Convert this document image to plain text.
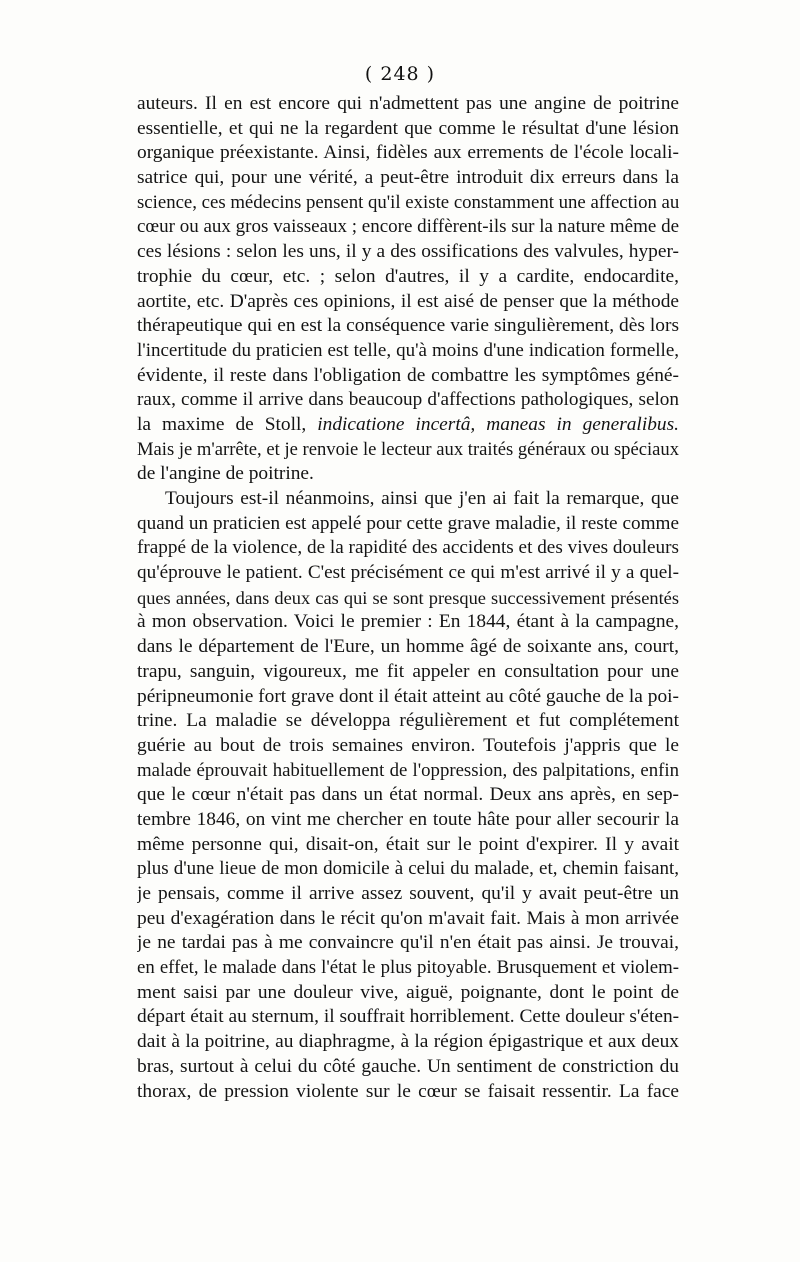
( 248 )
auteurs. Il en est encore qui n'admettent pas une angine de poitrine
essentielle, et qui ne la regardent que comme le résultat d'une lésion
organique préexistante. Ainsi, fidèles aux errements de l'école locali-
satrice qui, pour une vérité, a peut-être introduit dix erreurs dans la
science, ces médecins pensent qu'il existe constamment une affection au
cœur ou aux gros vaisseaux ; encore diffèrent-ils sur la nature même de
ces lésions : selon les uns, il y a des ossifications des valvules, hyper-
trophie du cœur, etc. ; selon d'autres, il y a cardite, endocardite,
aortite, etc. D'après ces opinions, il est aisé de penser que la méthode
thérapeutique qui en est la conséquence varie singulièrement, dès lors
l'incertitude du praticien est telle, qu'à moins d'une indication formelle,
évidente, il reste dans l'obligation de combattre les symptômes géné-
raux, comme il arrive dans beaucoup d'affections pathologiques, selon
la maxime de Stoll, indicatione incertâ, maneas in generalibus.
Mais je m'arrête, et je renvoie le lecteur aux traités généraux ou spéciaux
de l'angine de poitrine.
Toujours est-il néanmoins, ainsi que j'en ai fait la remarque, que
quand un praticien est appelé pour cette grave maladie, il reste comme
frappé de la violence, de la rapidité des accidents et des vives douleurs
qu'éprouve le patient. C'est précisément ce qui m'est arrivé il y a quel-
ques années, dans deux cas qui se sont presque successivement présentés
à mon observation. Voici le premier : En 1844, étant à la campagne,
dans le département de l'Eure, un homme âgé de soixante ans, court,
trapu, sanguin, vigoureux, me fit appeler en consultation pour une
péripneumonie fort grave dont il était atteint au côté gauche de la poi-
trine. La maladie se développa régulièrement et fut complétement
guérie au bout de trois semaines environ. Toutefois j'appris que le
malade éprouvait habituellement de l'oppression, des palpitations, enfin
que le cœur n'était pas dans un état normal. Deux ans après, en sep-
tembre 1846, on vint me chercher en toute hâte pour aller secourir la
même personne qui, disait-on, était sur le point d'expirer. Il y avait
plus d'une lieue de mon domicile à celui du malade, et, chemin faisant,
je pensais, comme il arrive assez souvent, qu'il y avait peut-être un
peu d'exagération dans le récit qu'on m'avait fait. Mais à mon arrivée
je ne tardai pas à me convaincre qu'il n'en était pas ainsi. Je trouvai,
en effet, le malade dans l'état le plus pitoyable. Brusquement et violem-
ment saisi par une douleur vive, aiguë, poignante, dont le point de
départ était au sternum, il souffrait horriblement. Cette douleur s'éten-
dait à la poitrine, au diaphragme, à la région épigastrique et aux deux
bras, surtout à celui du côté gauche. Un sentiment de constriction du
thorax, de pression violente sur le cœur se faisait ressentir. La face
